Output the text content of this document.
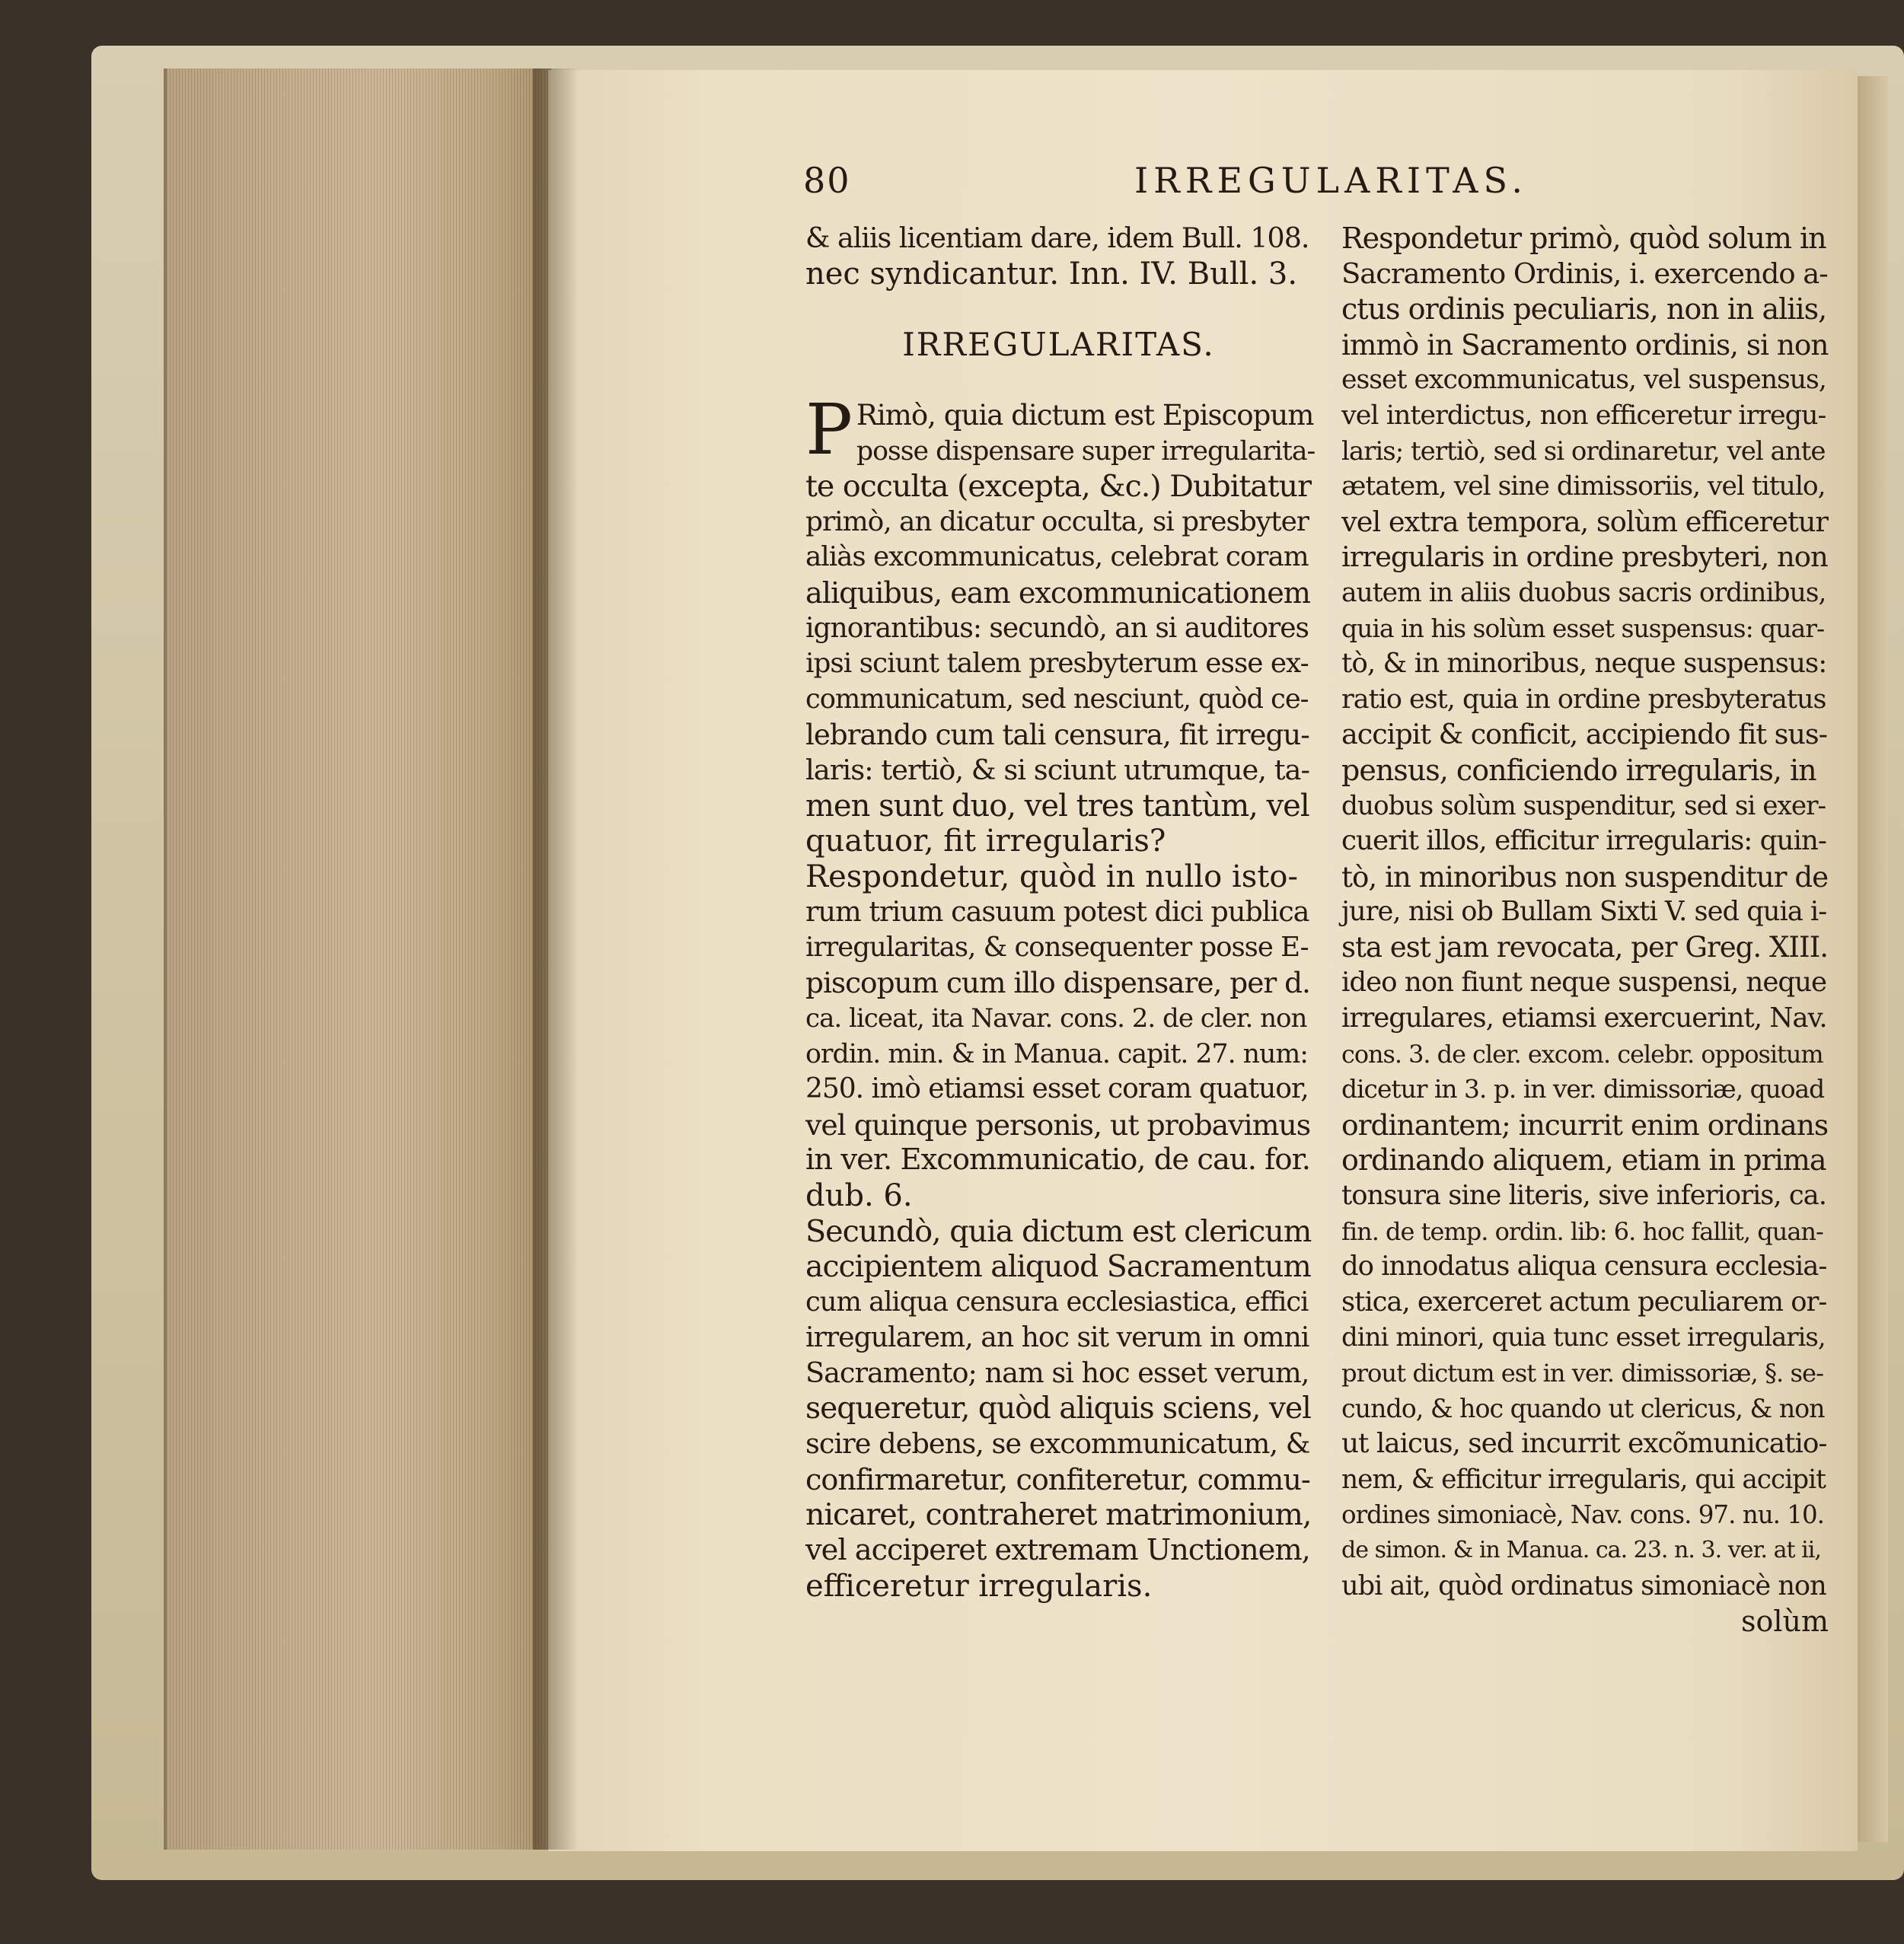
80	IRREGULARITAS.
& aliis licentiam dare, idem Bull. 108.
nec syndicantur. Inn. IV. Bull. 3.
IRREGULARITAS.
P Rimò, quia dictum est Episcopum
posse dispensare super irregularita-
te occulta (excepta, &c.) Dubitatur
primò, an dicatur occulta, si presbyter
aliàs excommunicatus, celebrat coram
aliquibus, eam excommunicationem
ignorantibus: secundò, an si auditores
ipsi sciunt talem presbyterum esse ex-
communicatum, sed nesciunt, quòd ce-
lebrando cum tali censura, fit irregu-
laris: tertiò, & si sciunt utrumque, ta-
men sunt duo, vel tres tantùm, vel
quatuor, fit irregularis?
Respondetur, quòd in nullo isto-
rum trium casuum potest dici publica
irregularitas, & consequenter posse E-
piscopum cum illo dispensare, per d.
ca. liceat, ita Navar. cons. 2. de cler. non
ordin. min. & in Manua. capit. 27. num:
250. imò etiamsi esset coram quatuor,
vel quinque personis, ut probavimus
in ver. Excommunicatio, de cau. for.
dub. 6.
Secundò, quia dictum est clericum
accipientem aliquod Sacramentum
cum aliqua censura ecclesiastica, effici
irregularem, an hoc sit verum in omni
Sacramento; nam si hoc esset verum,
sequeretur, quòd aliquis sciens, vel
scire debens, se excommunicatum, &
confirmaretur, confiteretur, commu-
nicaret, contraheret matrimonium,
vel acciperet extremam Unctionem,
efficeretur irregularis.
Respondetur primò, quòd solum in
Sacramento Ordinis, i. exercendo a-
ctus ordinis peculiaris, non in aliis,
immò in Sacramento ordinis, si non
esset excommunicatus, vel suspensus,
vel interdictus, non efficeretur irregu-
laris; tertiò, sed si ordinaretur, vel ante
ætatem, vel sine dimissoriis, vel titulo,
vel extra tempora, solùm efficeretur
irregularis in ordine presbyteri, non
autem in aliis duobus sacris ordinibus,
quia in his solùm esset suspensus: quar-
tò, & in minoribus, neque suspensus:
ratio est, quia in ordine presbyteratus
accipit & conficit, accipiendo fit sus-
pensus, conficiendo irregularis, in
duobus solùm suspenditur, sed si exer-
cuerit illos, efficitur irregularis: quin-
tò, in minoribus non suspenditur de
jure, nisi ob Bullam Sixti V. sed quia i-
sta est jam revocata, per Greg. XIII.
ideo non fiunt neque suspensi, neque
irregulares, etiamsi exercuerint, Nav.
cons. 3. de cler. excom. celebr. oppositum
dicetur in 3. p. in ver. dimissoriæ, quoad
ordinantem; incurrit enim ordinans
ordinando aliquem, etiam in prima
tonsura sine literis, sive inferioris, ca.
fin. de temp. ordin. lib: 6. hoc fallit, quan-
do innodatus aliqua censura ecclesia-
stica, exerceret actum peculiarem or-
dini minori, quia tunc esset irregularis,
prout dictum est in ver. dimissoriæ, §. se-
cundo, & hoc quando ut clericus, & non
ut laicus, sed incurrit excõmunicatio-
nem, & efficitur irregularis, qui accipit
ordines simoniacè, Nav. cons. 97. nu. 10.
de simon. & in Manua. ca. 23. n. 3. ver. at ii,
ubi ait, quòd ordinatus simoniacè non
solùm
